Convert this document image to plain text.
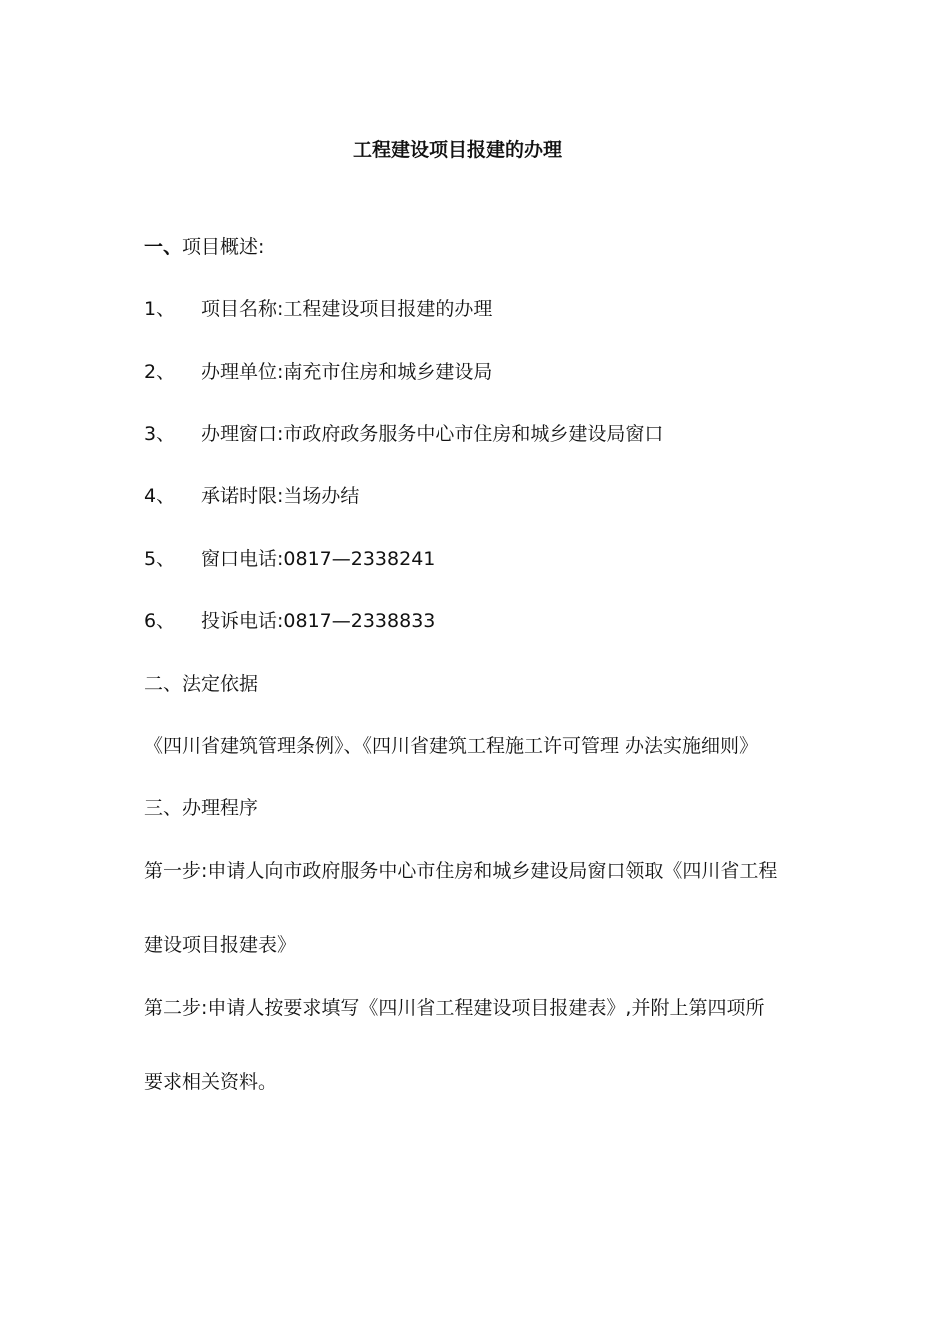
工程建设项目报建的办理
一、项目概述:
1、 项目名称:工程建设项目报建的办理
2、 办理单位:南充市住房和城乡建设局
3、 办理窗口:市政府政务服务中心市住房和城乡建设局窗口
4、 承诺时限:当场办结
5、 窗口电话:0817—2338241
6、 投诉电话:0817—2338833
二、法定依据
《四川省建筑管理条例》、《四川省建筑工程施工许可管理 办法实施细则》
三、办理程序
第一步:申请人向市政府服务中心市住房和城乡建设局窗口领取《四川省工程
建设项目报建表》
第二步:申请人按要求填写《四川省工程建设项目报建表》,并附上第四项所
要求相关资料。
